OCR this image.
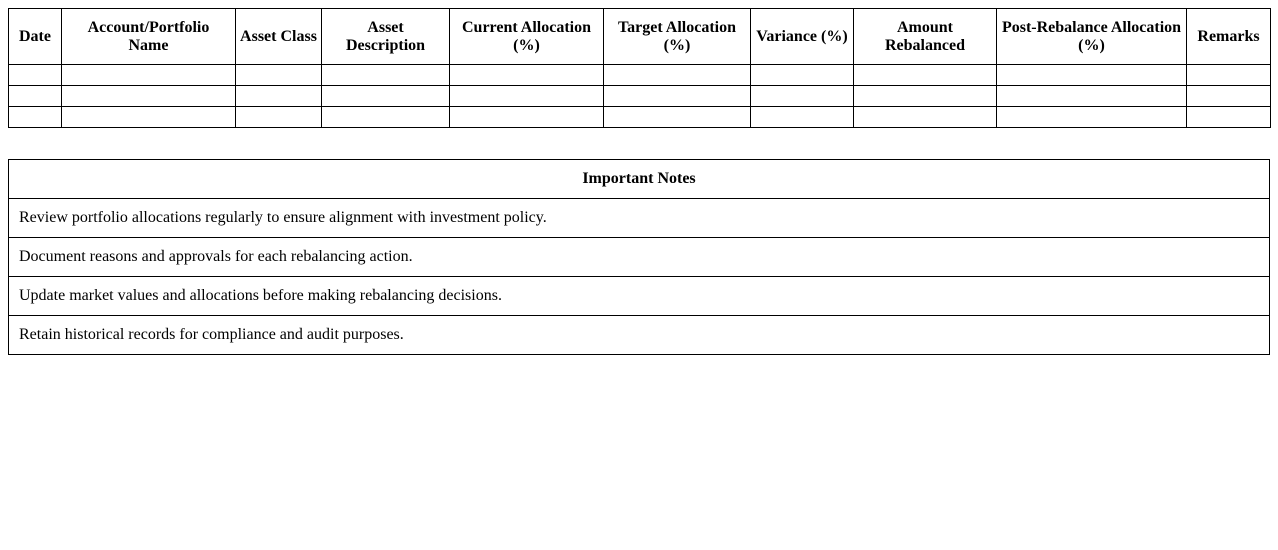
Date	Account/Portfolio Name	Asset Class	Asset Description	Current Allocation (%)	Target Allocation (%)	Variance (%)	Amount Rebalanced	Post-Rebalance Allocation (%)	Remarks

Important Notes
Review portfolio allocations regularly to ensure alignment with investment policy.
Document reasons and approvals for each rebalancing action.
Update market values and allocations before making rebalancing decisions.
Retain historical records for compliance and audit purposes.
